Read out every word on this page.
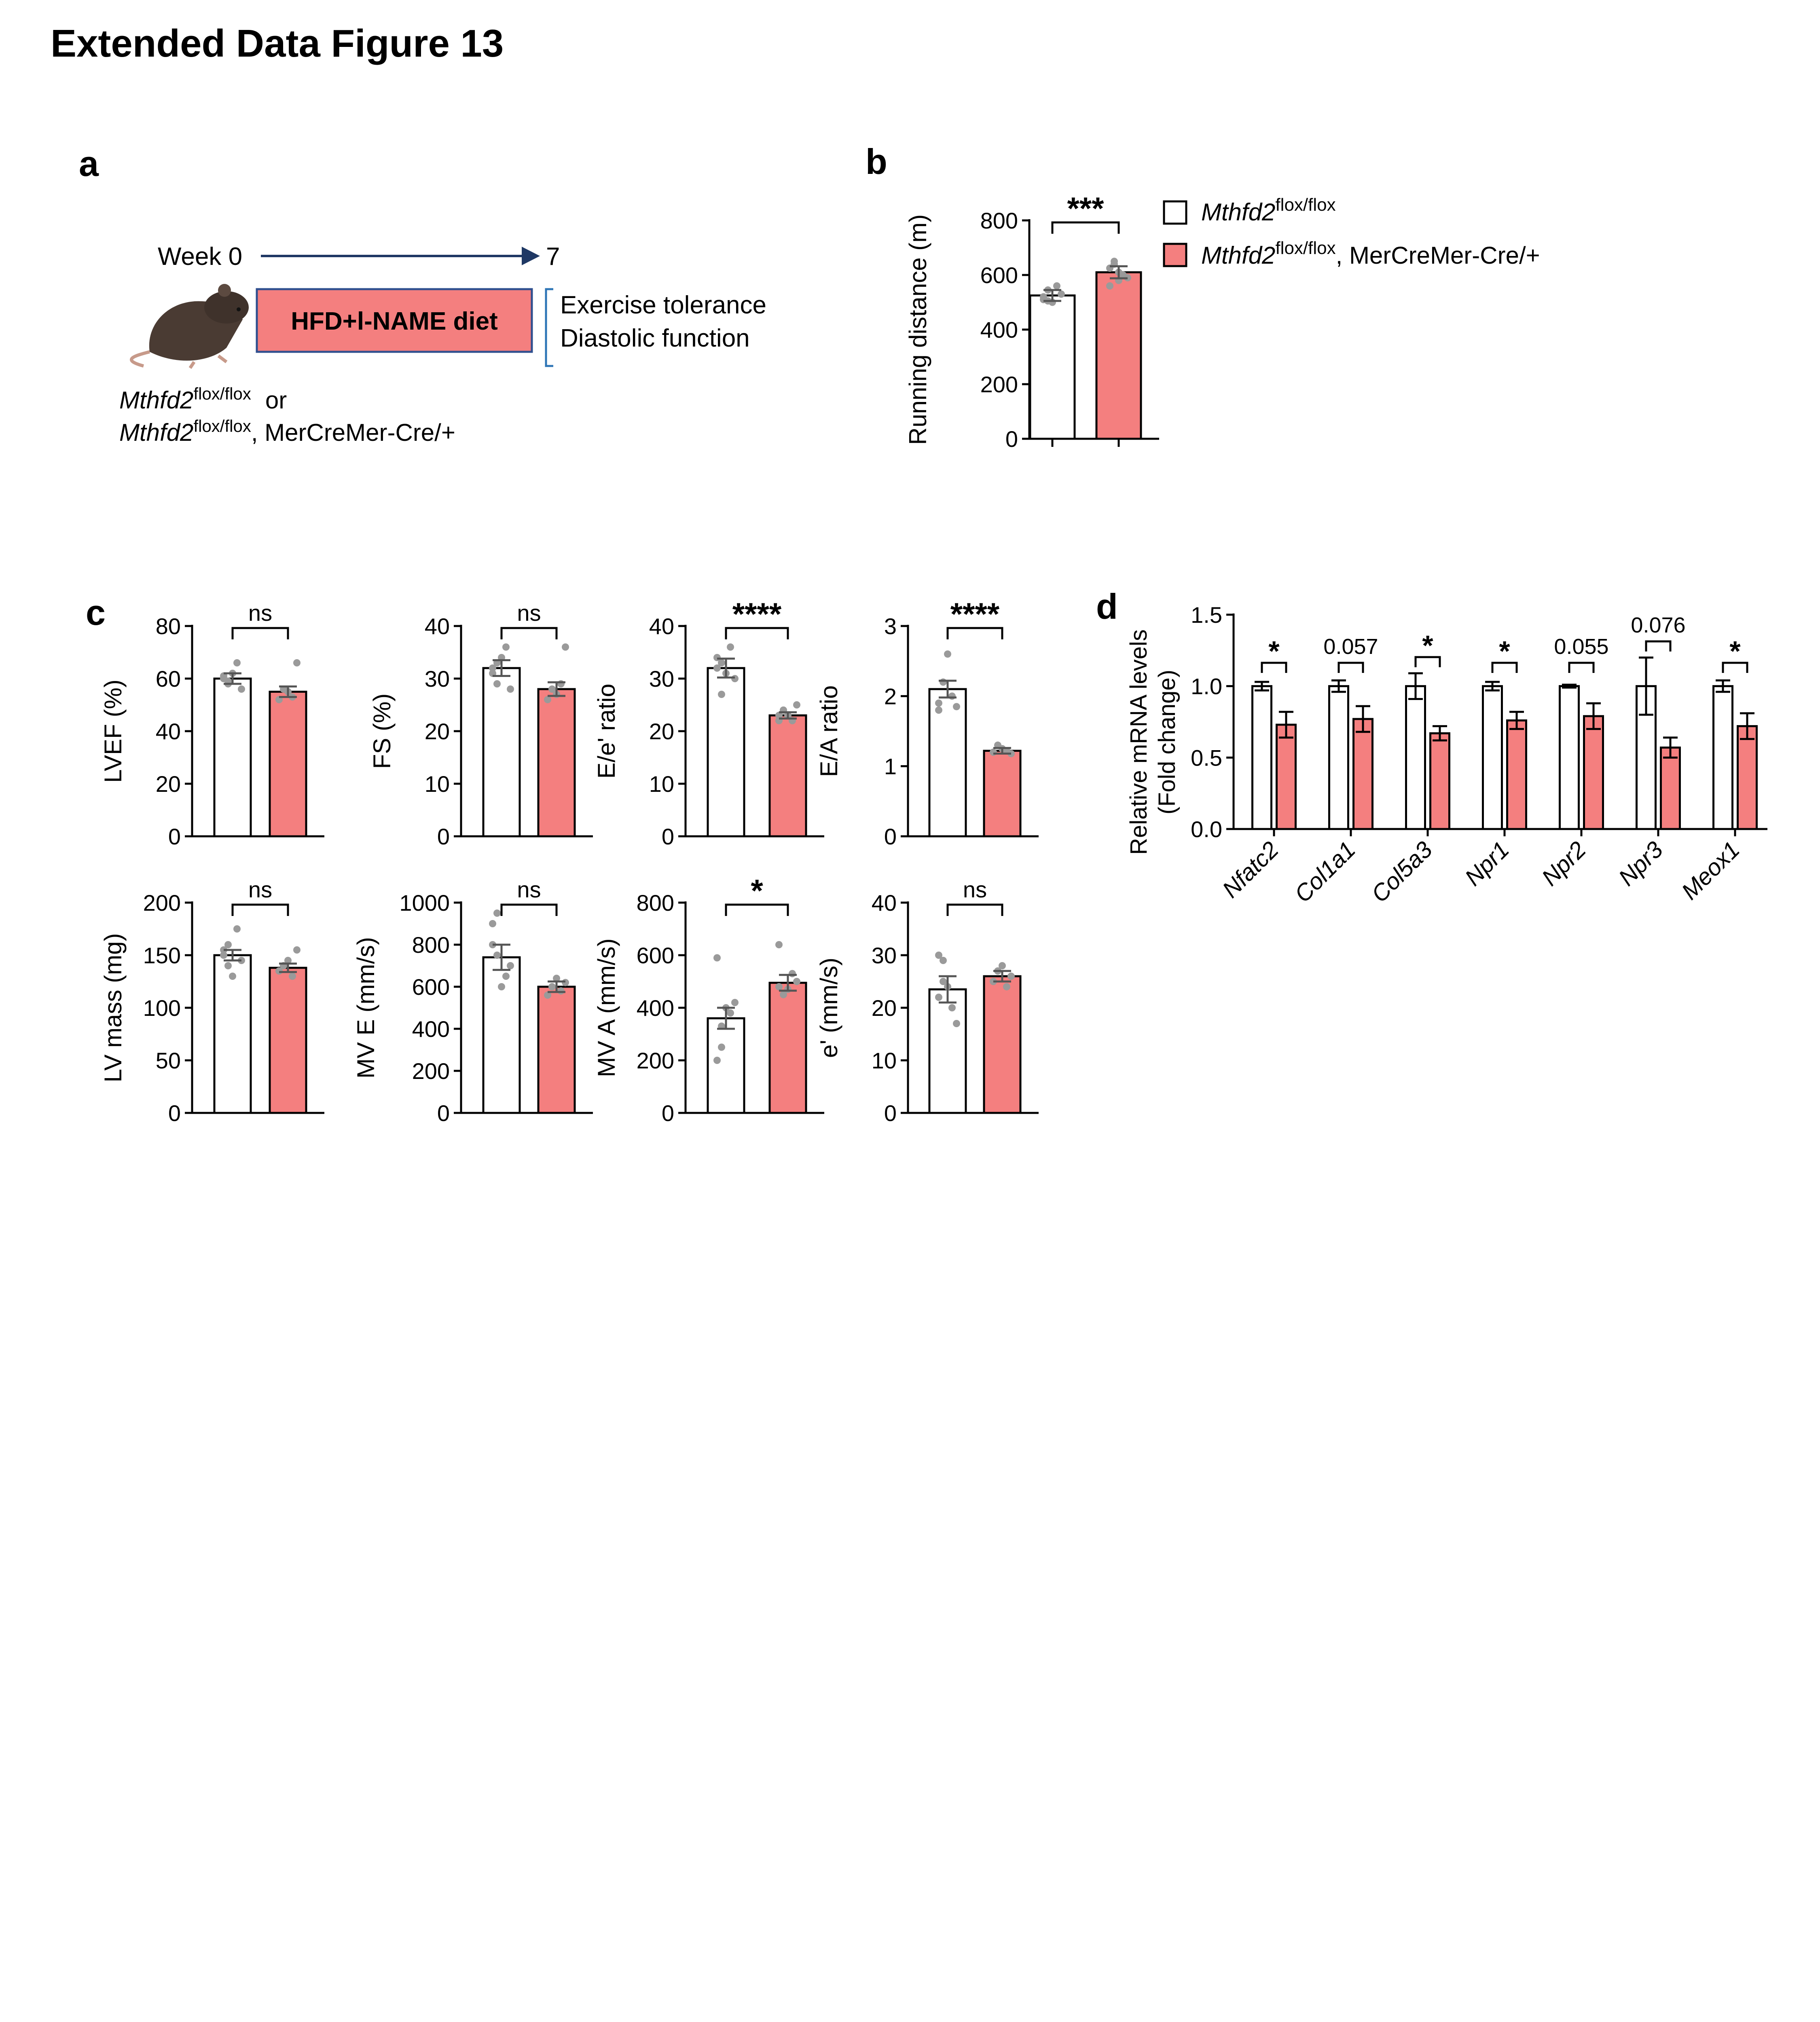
Extended Data Figure 13
a
Week 0	7
HFD+l-NAME diet
Exercise tolerance
Diastolic function
$Mthfd2^{flox/flox}$ or
$Mthfd2^{flox/flox}$, MerCreMer-Cre/+
b
$Mthfd2^{flox/flox}$
$Mthfd2^{flox/flox}$, MerCreMer-Cre/+
c	d
0
200
400
600
800
Running distance (m)
***
0
20
40
60
80
LVEF (%)
ns
0
10
20
30
40
FS (%)
ns
0
10
20
30
40
E/e' ratio
****
0
1
2
3
E/A ratio
****
0
50
100
150
200
LV mass (mg)
ns
0
200
400
600
800
1000
MV E (mm/s)
ns
0
200
400
600
800
MV A (mm/s)
*
0
10
20
30
40
e' (mm/s)
ns
0.0
0.5
1.0
1.5
Relative mRNA levels (Fold change)
Nfatc2
*
Col1a1
0.057
Col5a3
*
Npr1
*
Npr2
0.055
Npr3
0.076
Meox1
*
